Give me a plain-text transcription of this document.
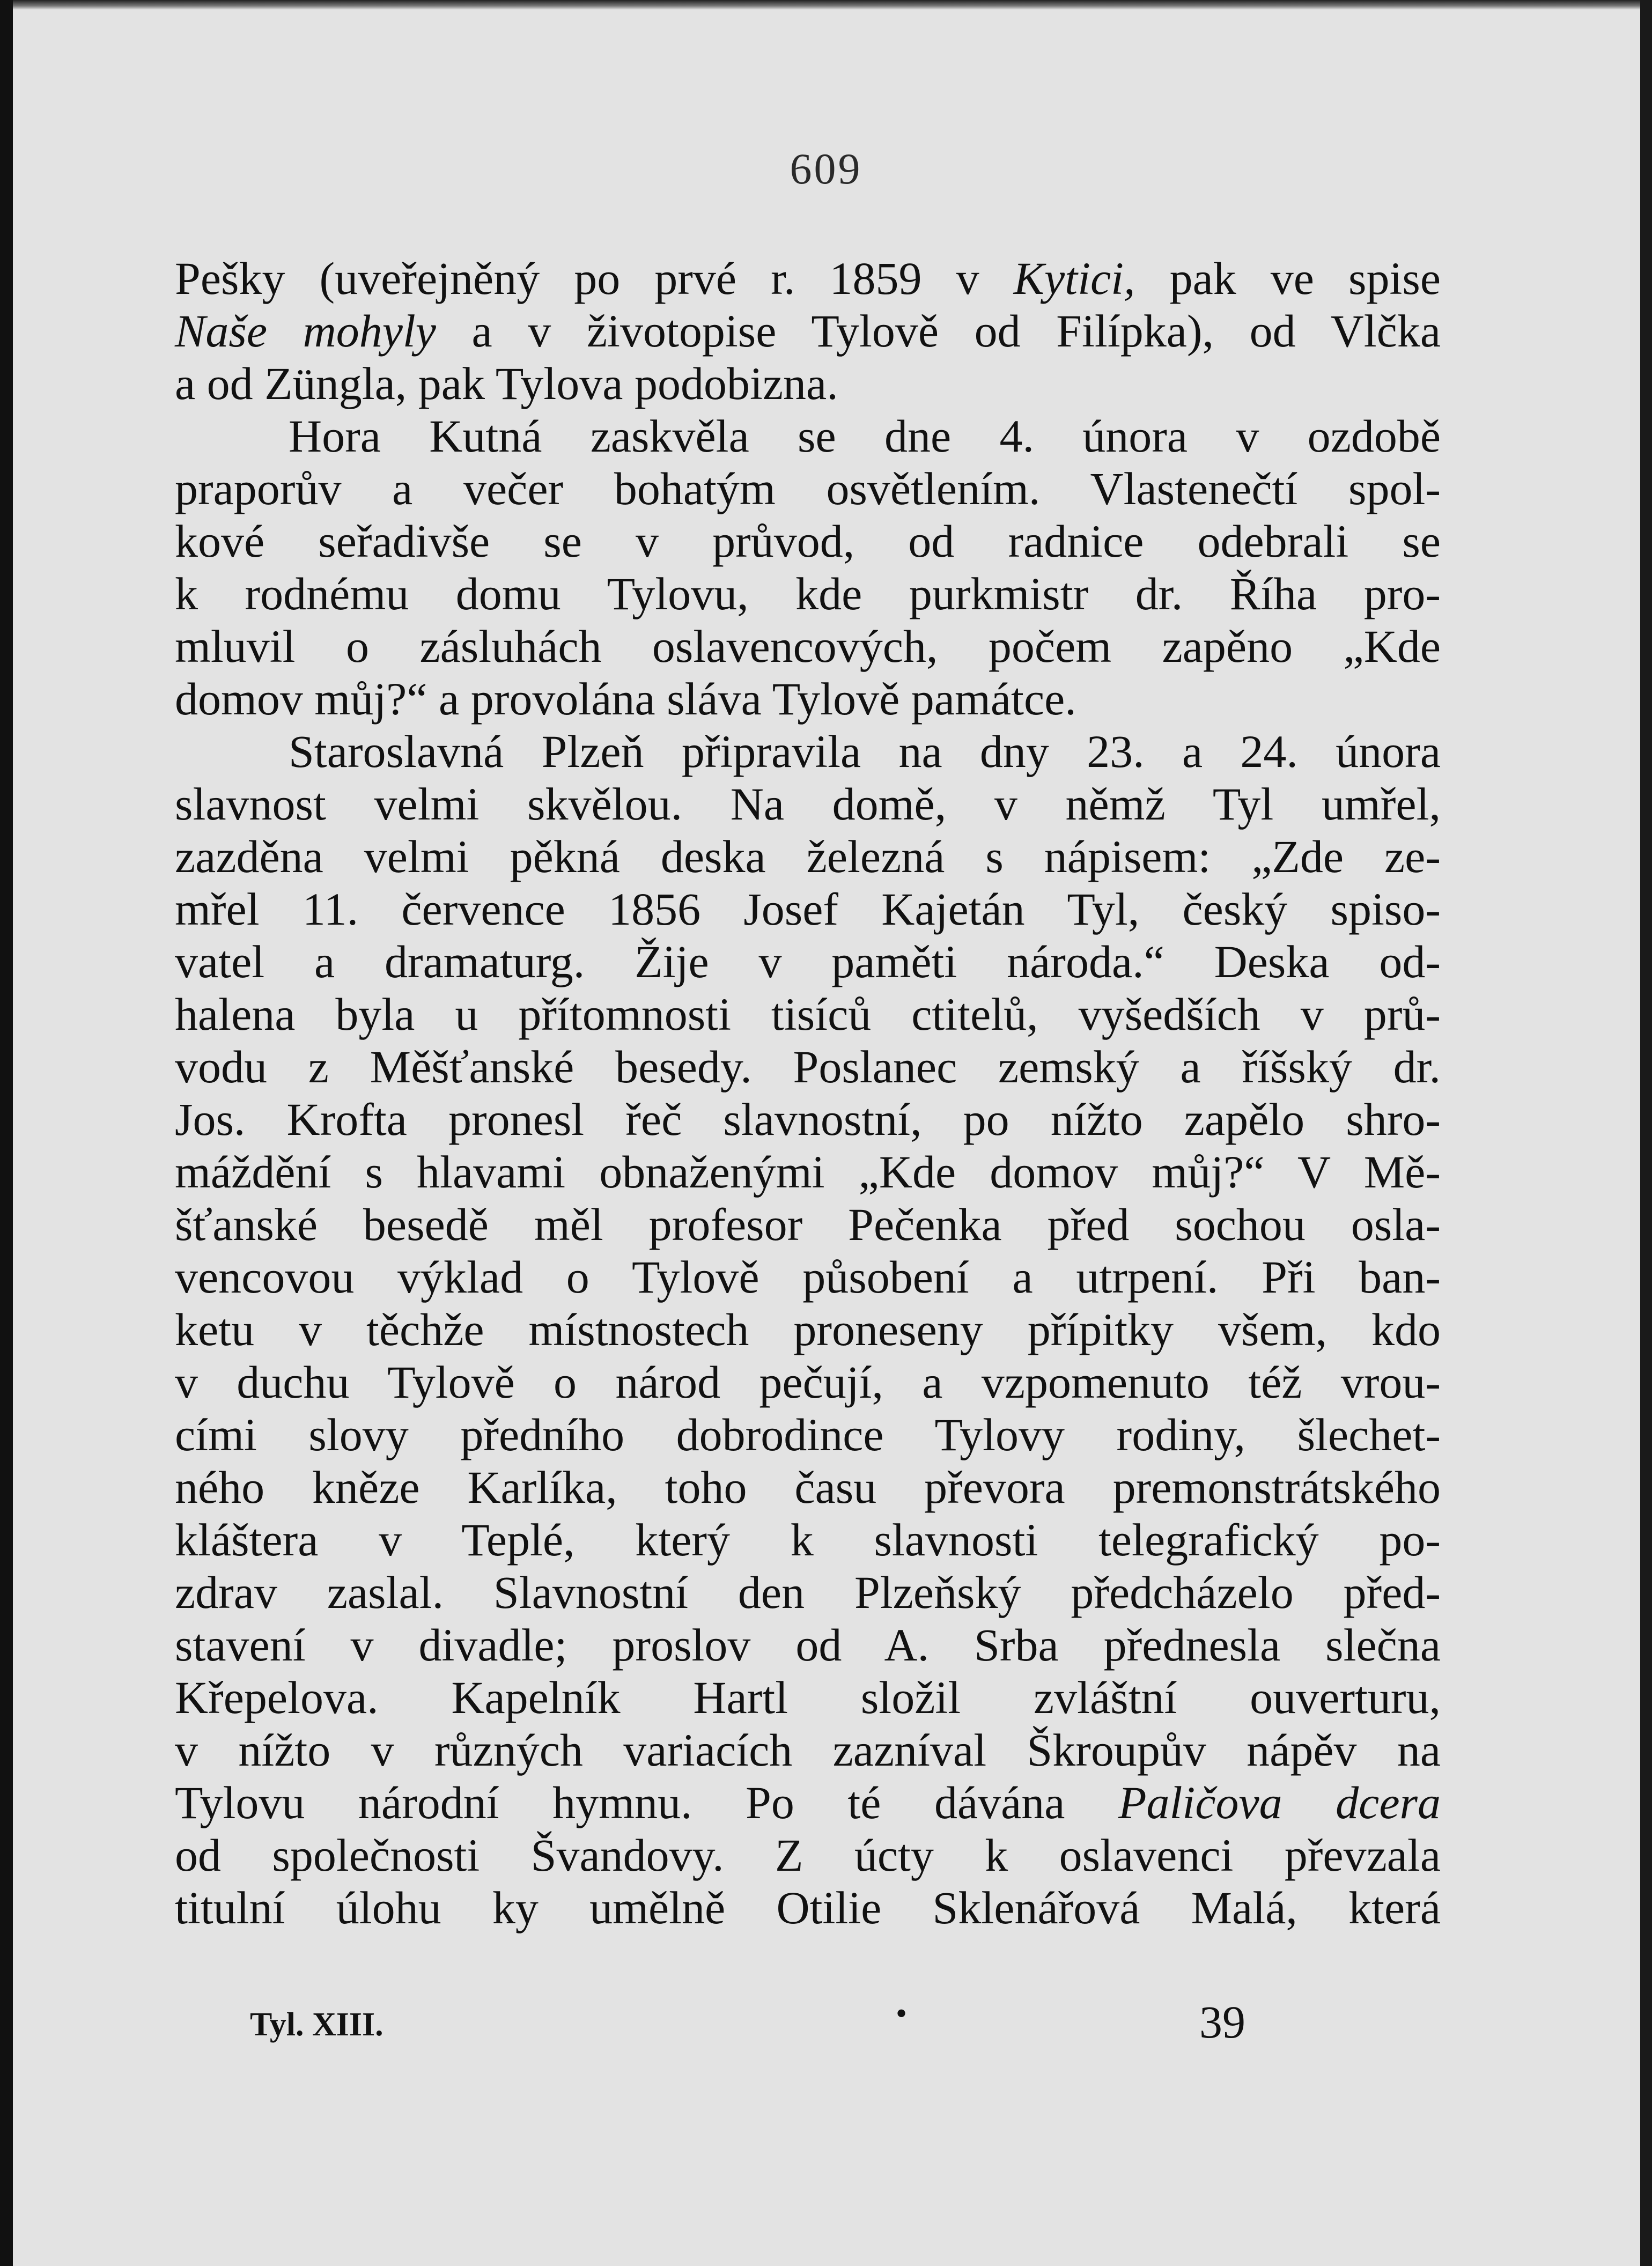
609
Pešky (uveřejněný po prvé r. 1859 v Kytici, pak ve spise
Naše mohyly a v životopise Tylově od Filípka), od Vlčka
a od Züngla, pak Tylova podobizna.
Hora Kutná zaskvěla se dne 4. února v ozdobě
praporův a večer bohatým osvětlením. Vlastenečtí spol-
kové seřadivše se v průvod, od radnice odebrali se
k rodnému domu Tylovu, kde purkmistr dr. Říha pro-
mluvil o zásluhách oslavencových, počem zapěno „Kde
domov můj?“ a provolána sláva Tylově památce.
Staroslavná Plzeň připravila na dny 23. a 24. února
slavnost velmi skvělou. Na domě, v němž Tyl umřel,
zazděna velmi pěkná deska železná s nápisem: „Zde ze-
mřel 11. července 1856 Josef Kajetán Tyl, český spiso-
vatel a dramaturg. Žije v paměti národa.“ Deska od-
halena byla u přítomnosti tisíců ctitelů, vyšedších v prů-
vodu z Měšťanské besedy. Poslanec zemský a říšský dr.
Jos. Krofta pronesl řeč slavnostní, po nížto zapělo shro-
máždění s hlavami obnaženými „Kde domov můj?“ V Mě-
šťanské besedě měl profesor Pečenka před sochou osla-
vencovou výklad o Tylově působení a utrpení. Při ban-
ketu v těchže místnostech proneseny přípitky všem, kdo
v duchu Tylově o národ pečují, a vzpomenuto též vrou-
cími slovy předního dobrodince Tylovy rodiny, šlechet-
ného kněze Karlíka, toho času převora premonstrátského
kláštera v Teplé, který k slavnosti telegrafický po-
zdrav zaslal. Slavnostní den Plzeňský předcházelo před-
stavení v divadle; proslov od A. Srba přednesla slečna
Křepelova. Kapelník Hartl složil zvláštní ouverturu,
v nížto v různých variacích zazníval Škroupův nápěv na
Tylovu národní hymnu. Po té dávána Paličova dcera
od společnosti Švandovy. Z úcty k oslavenci převzala
titulní úlohu ky umělně Otilie Sklenářová Malá, která
Tyl. XIII.	•	39
